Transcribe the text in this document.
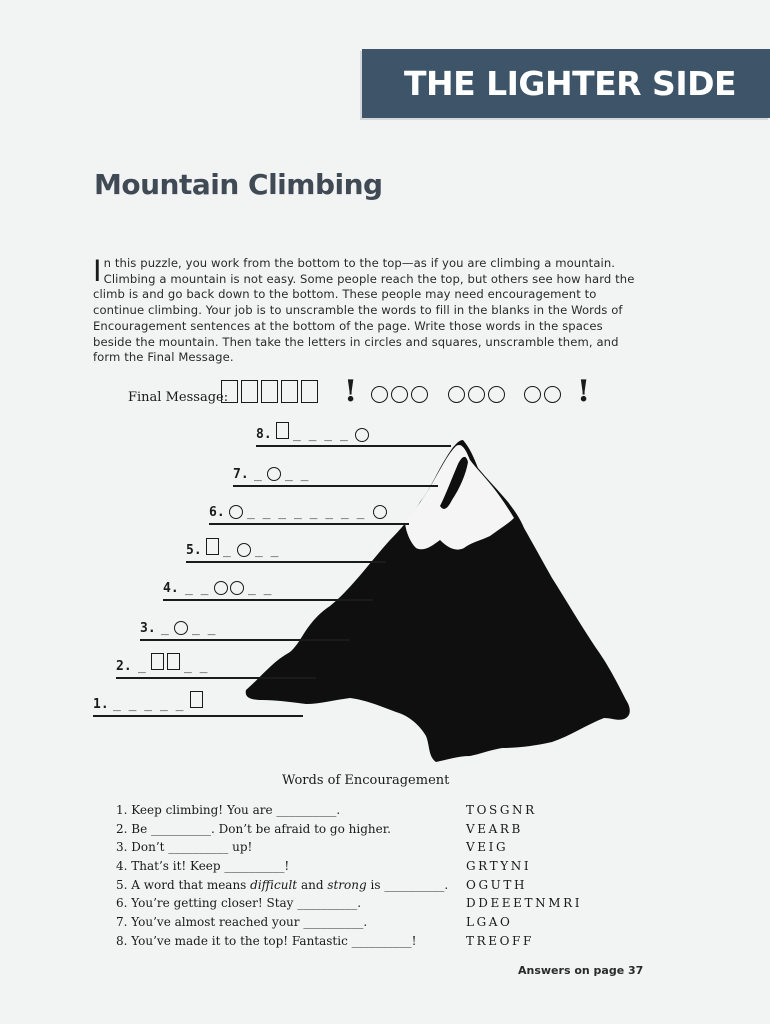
THE LIGHTER SIDE
Mountain Climbing
In this puzzle, you work from the bottom to the top—as if you are climbing a mountain. Climbing a mountain is not easy. Some people reach the top, but others see how hard the climb is and go back down to the bottom. These people may need encouragement to continue climbing. Your job is to unscramble the words to fill in the blanks in the Words of Encouragement sentences at the bottom of the page. Write those words in the spaces beside the mountain. Then take the letters in circles and squares, unscramble them, and form the Final Message.
Final Message:	!	!
1. _ _ _ _ _
2. _	_ _
3. _ _ _
4. _ _	_ _
5. _ _ _
6. _ _ _ _ _ _ _ _
7. _ _ _
8. _ _ _ _
Words of Encouragement
1. Keep climbing! You are __________.	TOSGNR
2. Be __________. Don’t be afraid to go higher.	VEARB
3. Don’t __________ up!	VEIG
4. That’s it! Keep __________!	GRTYNI
5. A word that means difficult and strong is __________. OGUTH
6. You’re getting closer! Stay __________.	DDEEETNMRI
7. You’ve almost reached your __________.	LGAO
8. You’ve made it to the top! Fantastic __________!	TREOFF
Answers on page 37
